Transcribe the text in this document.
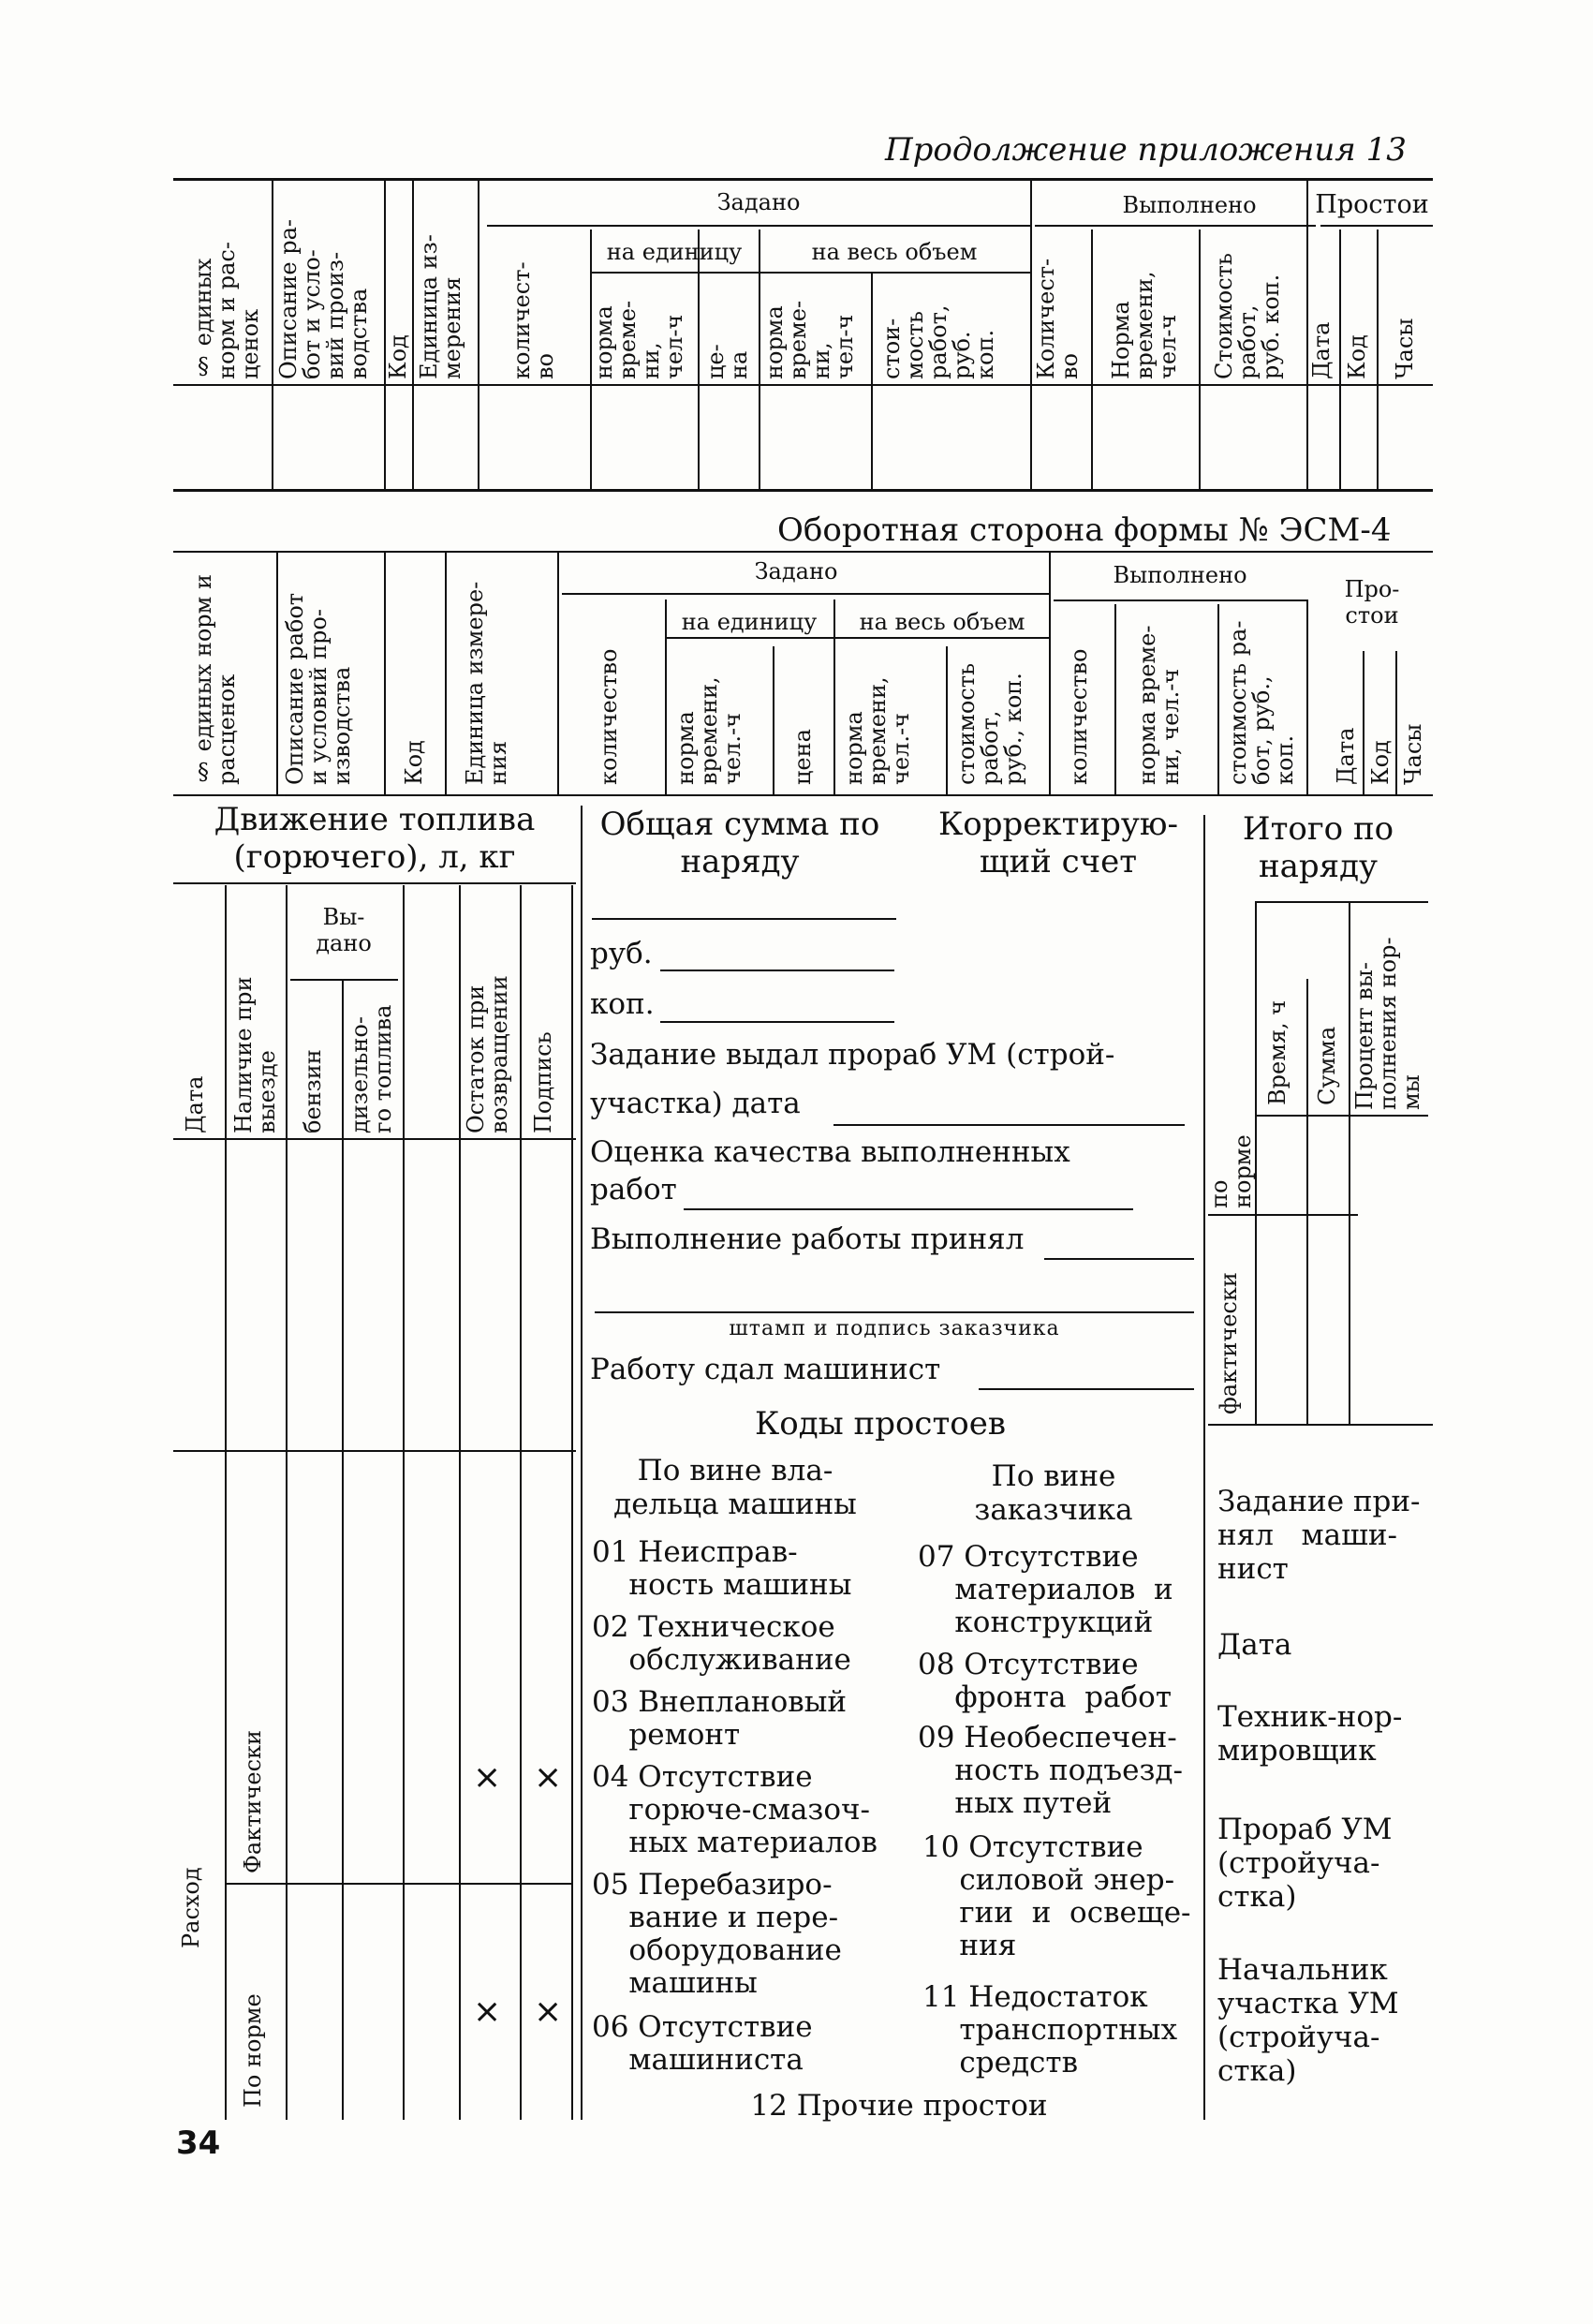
Продолжение приложения 13
§ единых
норм и рас-
ценок Описание ра-
бот и усло-
вий произ-
водства Код Единица из-
мерения
Задано
количест-
во
на единицу
норма
време-
ни,
чел-ч це-
на
на весь объем
норма
време-
ни,
чел-ч стои-
мость
работ,
руб.
коп.
Выполнено
Количест-
во Норма
времени,
чел-ч Стоимость
работ,
руб. коп.
Простои
Дата Код Часы
Оборотная сторона формы № ЭСМ-4
§ единых норм и
расценок Описание работ
и условий про-
изводства Код Единица измере-
ния
Задано
количество
на единицу
норма
времени,
чел.-ч цена
на весь объем
норма
времени,
чел.-ч стоимость
работ,
руб., коп.
Выполнено
количество норма време-
ни, чел.-ч стоимость ра-
бот, руб.,
коп.
Про-
стои
Дата Код Часы
Движение топлива
(горючего), л, кг
Дата Наличие при
выезде
Вы-
дано
бензин дизельно-
го топлива	Остаток при
возвращении Подпись
Расход
Фактически
По норме
× ×
× ×
Общая сумма по
наряду
Корректирую-
щий счет
руб.
коп.
Задание выдал прораб УМ (строй-
участка) дата
Оценка качества выполненных
работ
Выполнение работы принял
штамп и подпись заказчика
Работу сдал машинист
Коды простоев
По вине вла-
дельца машины
По вине
заказчика
01 Неисправ-
ность машины
02 Техническое
обслуживание
03 Внеплановый
ремонт
04 Отсутствие
горюче-смазоч-
ных материалов
05 Перебазиро-
вание и пере-
оборудование
машины
06 Отсутствие
машиниста
07 Отсутствие
материалов  и
конструкций
08 Отсутствие
фронта  работ
09 Необеспечен-
ность подъезд-
ных путей
10 Отсутствие
силовой энер-
гии  и  освеще-
ния
11 Недостаток
транспортных
средств
12 Прочие простои
Итого по
наряду
Время, ч Сумма Процент вы-
полнения нор-
мы
по
норме
фактически
Задание при-
нял   маши-
нист
Дата
Техник-нор-
мировщик
Прораб УМ
(стройуча-
стка)
Начальник
участка УМ
(стройуча-
стка)
34
